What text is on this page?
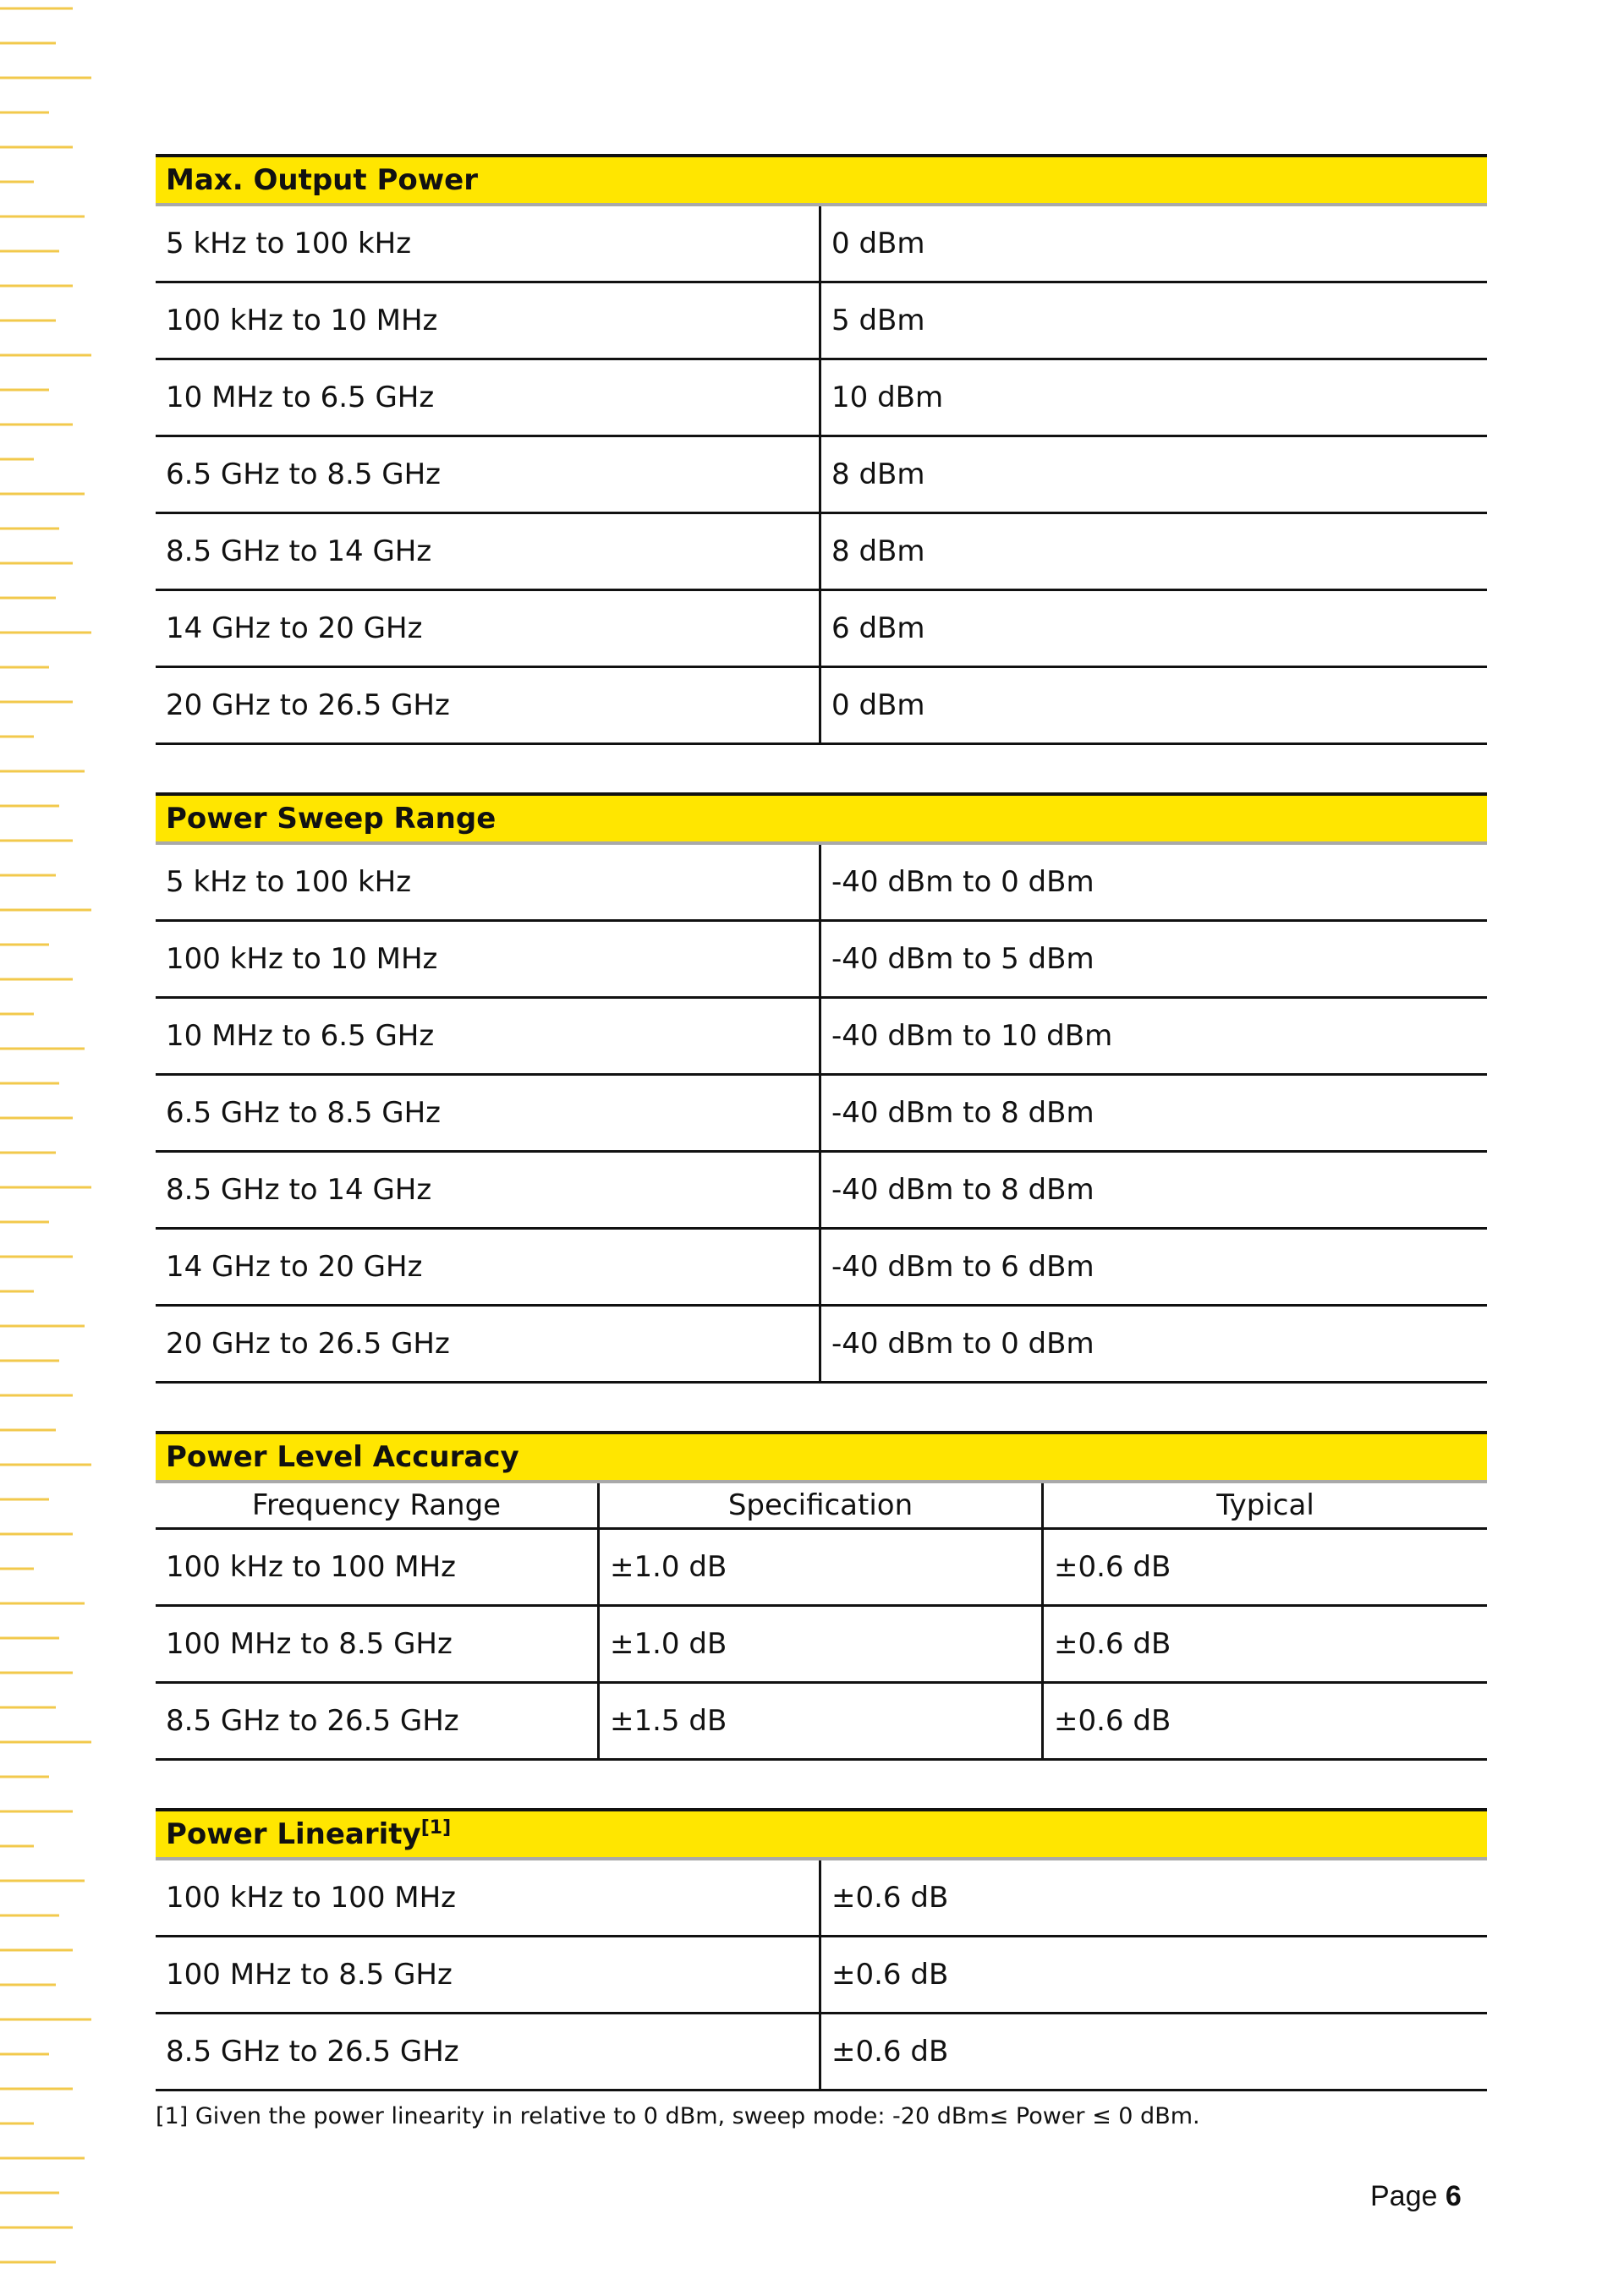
Max. Output Power
5 kHz to 100 kHz	0 dBm
100 kHz to 10 MHz	5 dBm
10 MHz to 6.5 GHz	10 dBm
6.5 GHz to 8.5 GHz	8 dBm
8.5 GHz to 14 GHz	8 dBm
14 GHz to 20 GHz	6 dBm
20 GHz to 26.5 GHz	0 dBm
Power Sweep Range
5 kHz to 100 kHz	-40 dBm to 0 dBm
100 kHz to 10 MHz	-40 dBm to 5 dBm
10 MHz to 6.5 GHz	-40 dBm to 10 dBm
6.5 GHz to 8.5 GHz	-40 dBm to 8 dBm
8.5 GHz to 14 GHz	-40 dBm to 8 dBm
14 GHz to 20 GHz	-40 dBm to 6 dBm
20 GHz to 26.5 GHz	-40 dBm to 0 dBm
Power Level Accuracy
Frequency Range	Specification	Typical
100 kHz to 100 MHz	±1.0 dB	±0.6 dB
100 MHz to 8.5 GHz	±1.0 dB	±0.6 dB
8.5 GHz to 26.5 GHz	±1.5 dB	±0.6 dB
Power Linearity[1]
100 kHz to 100 MHz	±0.6 dB
100 MHz to 8.5 GHz	±0.6 dB
8.5 GHz to 26.5 GHz	±0.6 dB
[1] Given the power linearity in relative to 0 dBm, sweep mode: -20 dBm≤ Power ≤ 0 dBm.
Page 6
